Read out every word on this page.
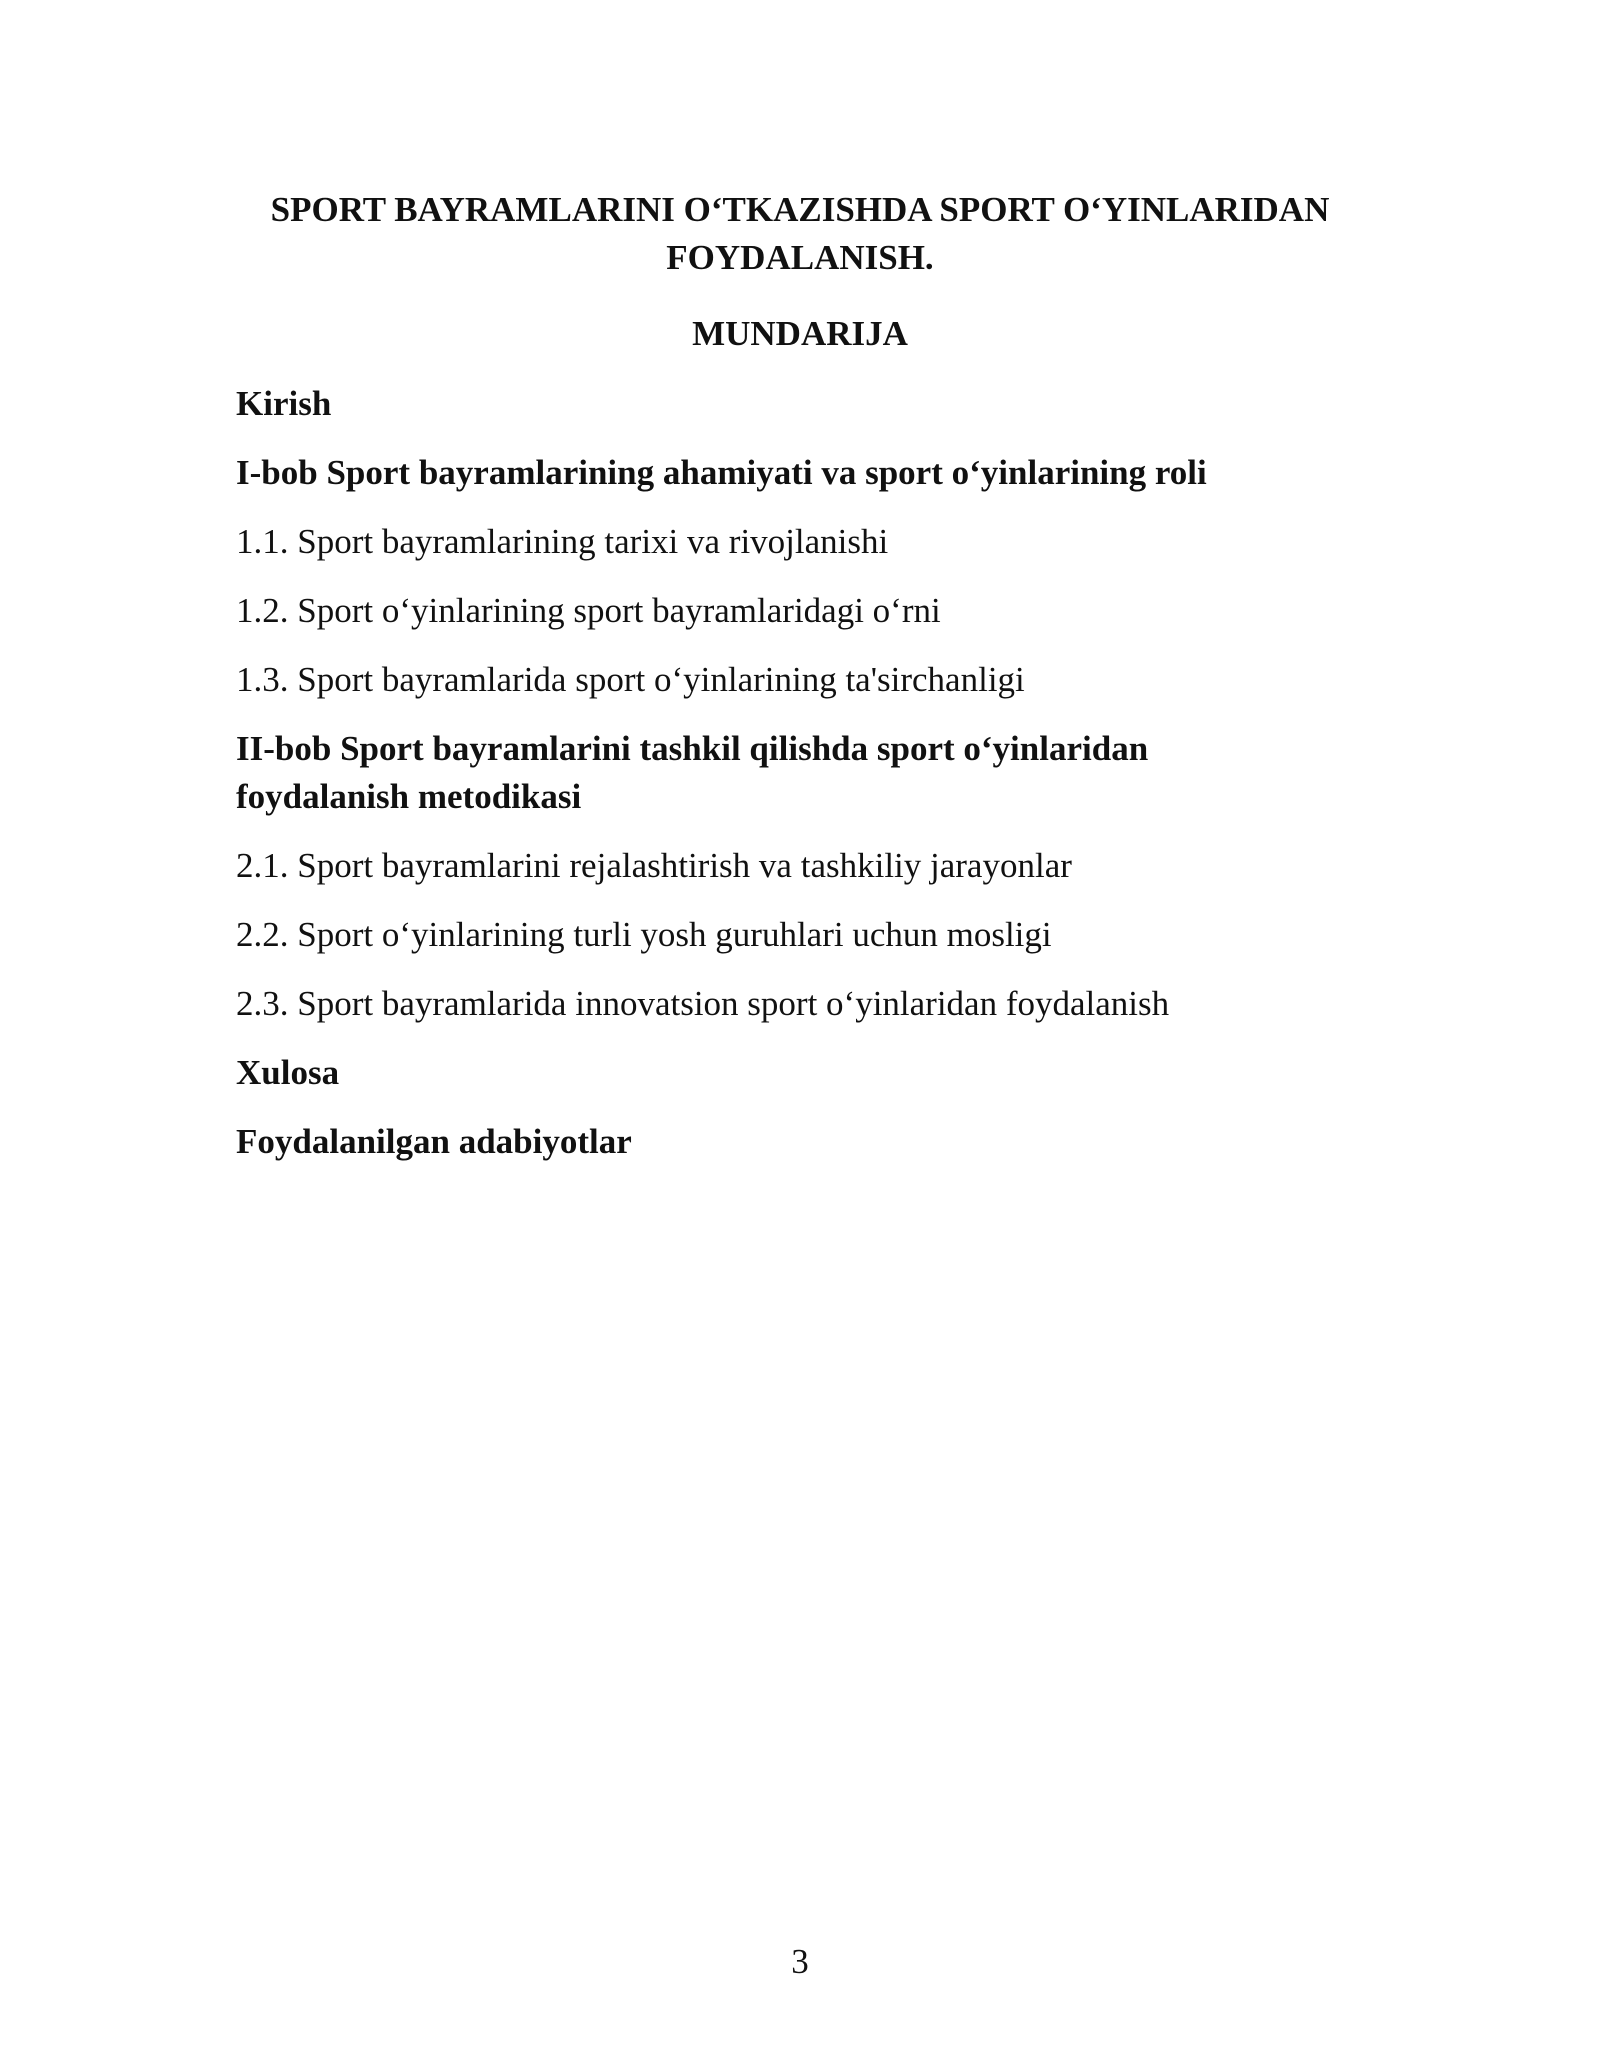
SPORT BAYRAMLARINI O‘TKAZISHDA SPORT O‘YINLARIDAN
FOYDALANISH.
MUNDARIJA
Kirish
I-bob Sport bayramlarining ahamiyati va sport o‘yinlarining roli
1.1. Sport bayramlarining tarixi va rivojlanishi
1.2. Sport o‘yinlarining sport bayramlaridagi o‘rni
1.3. Sport bayramlarida sport o‘yinlarining ta'sirchanligi
II-bob Sport bayramlarini tashkil qilishda sport o‘yinlaridan foydalanish metodikasi
2.1. Sport bayramlarini rejalashtirish va tashkiliy jarayonlar
2.2. Sport o‘yinlarining turli yosh guruhlari uchun mosligi
2.3. Sport bayramlarida innovatsion sport o‘yinlaridan foydalanish
Xulosa
Foydalanilgan adabiyotlar
3
